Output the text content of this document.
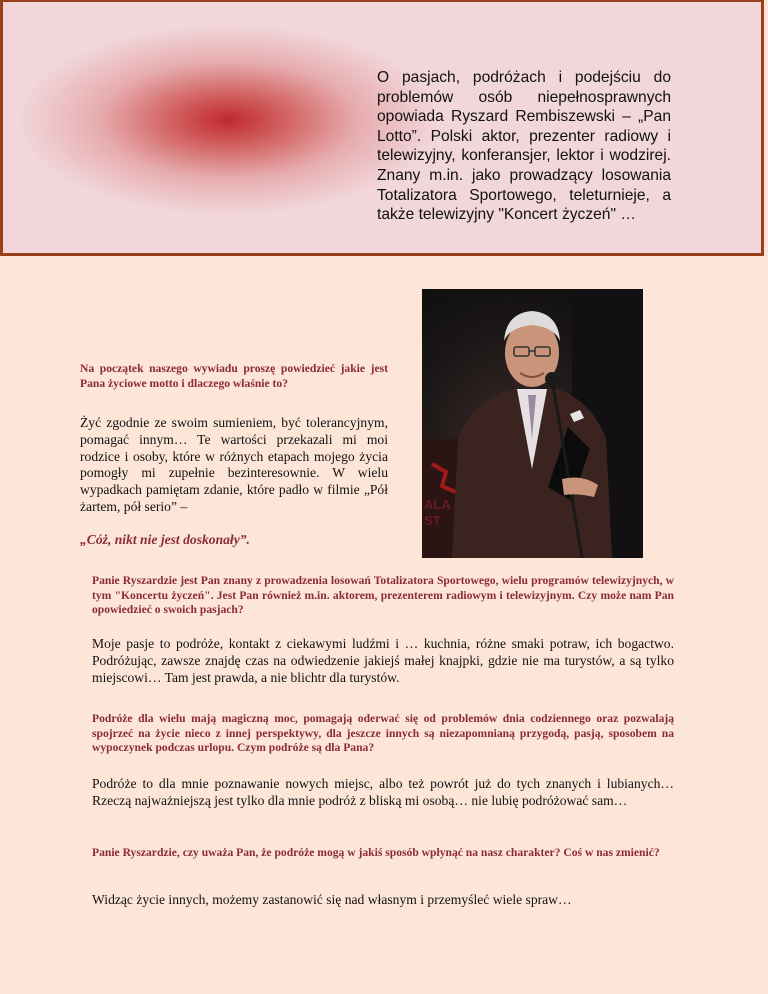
O pasjach, podróżach i podejściu do problemów osób niepełnosprawnych opowiada Ryszard Rembiszewski – „Pan Lotto”. Polski aktor, prezenter radiowy i telewizyjny, konferansjer, lektor i wodzirej. Znany m.in. jako prowadzący losowania Totalizatora Sportowego, teleturnieje, a także telewizyjny "Koncert życzeń" …

ALA
ST

Na początek naszego wywiadu proszę powiedzieć jakie jest Pana życiowe motto i dlaczego właśnie to?

Żyć zgodnie ze swoim sumieniem, być tolerancyjnym, pomagać innym… Te wartości przekazali mi moi rodzice i osoby, które w różnych etapach mojego życia pomogły mi zupełnie bezinteresownie. W wielu wypadkach pamiętam zdanie, które padło w filmie „Pół żartem, pół serio” –

„Cóż, nikt nie jest doskonały”.

Panie Ryszardzie jest Pan znany z prowadzenia losowań Totalizatora Sportowego, wielu programów telewizyjnych, w tym "Koncertu życzeń". Jest Pan również m.in. aktorem, prezenterem radiowym i telewizyjnym. Czy może nam Pan opowiedzieć o swoich pasjach?

Moje pasje to podróże, kontakt z ciekawymi ludźmi i … kuchnia, różne smaki potraw, ich bogactwo. Podróżując, zawsze znajdę czas na odwiedzenie jakiejś małej knajpki, gdzie nie ma turystów, a są tylko miejscowi… Tam jest prawda, a nie blichtr dla turystów.

Podróże dla wielu mają magiczną moc, pomagają oderwać się od problemów dnia codziennego oraz pozwalają spojrzeć na życie nieco z innej perspektywy, dla jeszcze innych są niezapomnianą przygodą, pasją, sposobem na wypoczynek podczas urlopu. Czym podróże są dla Pana?

Podróże to dla mnie poznawanie nowych miejsc, albo też powrót już do tych znanych i lubianych… Rzeczą najważniejszą jest tylko dla mnie podróż z bliską mi osobą… nie lubię podróżować sam…

Panie Ryszardzie, czy uważa Pan, że podróże mogą w jakiś sposób wpłynąć na nasz charakter? Coś w nas zmienić?

Widząc życie innych, możemy zastanowić się nad własnym i przemyśleć wiele spraw…
